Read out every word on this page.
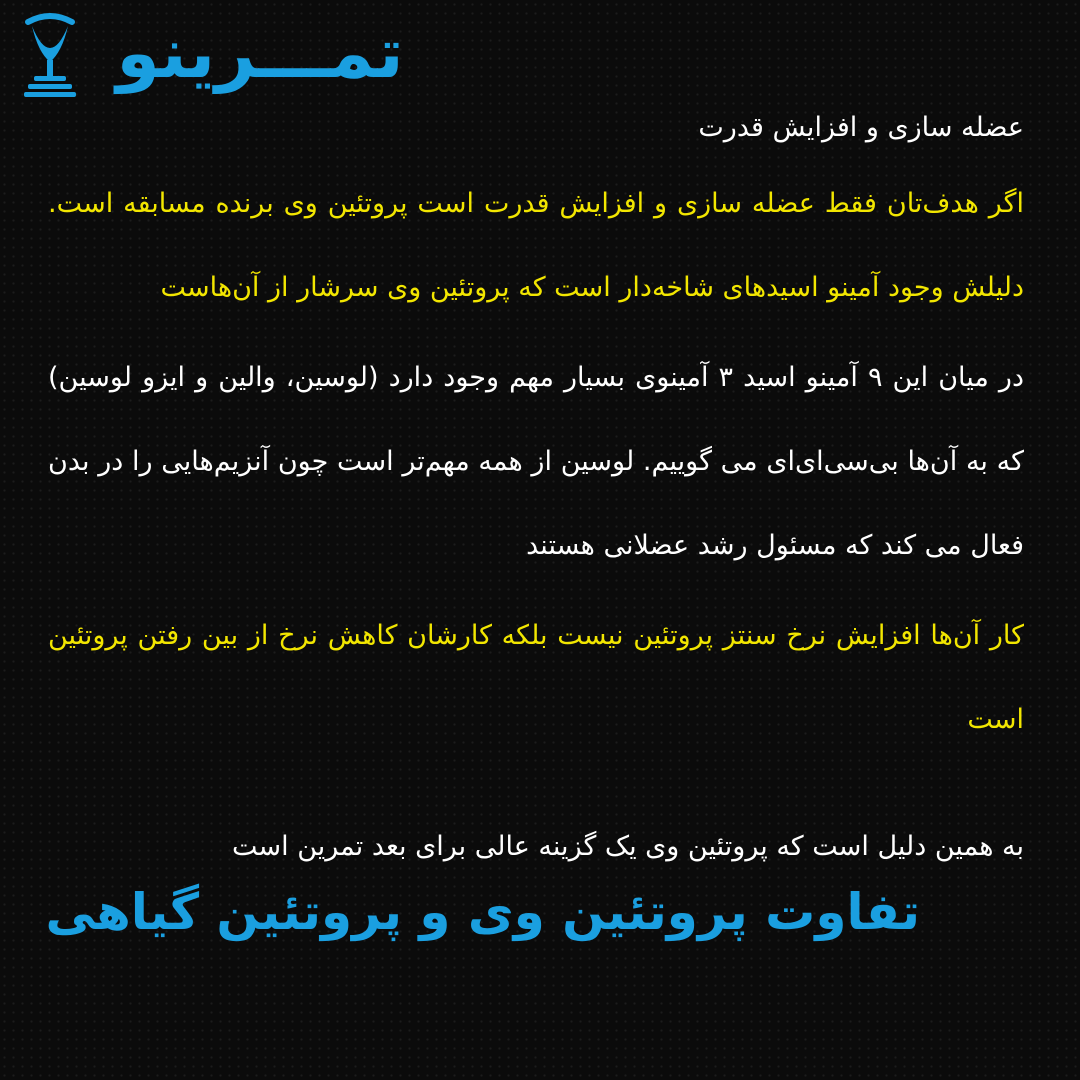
تمـــرینو
عضله سازی و افزایش قدرت
اگر هدف‌تان فقط عضله سازی و افزایش قدرت است پروتئین وی برنده مسابقه است. دلیلش وجود آمینو اسیدهای شاخه‌دار است که پروتئین وی سرشار از آن‌هاست
در میان این ۹ آمینو اسید ۳ آمینوی بسیار مهم وجود دارد (لوسین، والین و ایزو لوسین) که به آن‌ها بی‌سی‌ای‌ای می گوییم. لوسین از همه مهم‌تر است چون آنزیم‌هایی را در بدن فعال می کند که مسئول رشد عضلانی هستند
کار آن‌ها افزایش نرخ سنتز پروتئین نیست بلکه کارشان کاهش نرخ از بین رفتن پروتئین است
به همین دلیل است که پروتئین وی یک گزینه عالی برای بعد تمرین است
تفاوت پروتئین وی و پروتئین گیاهی
